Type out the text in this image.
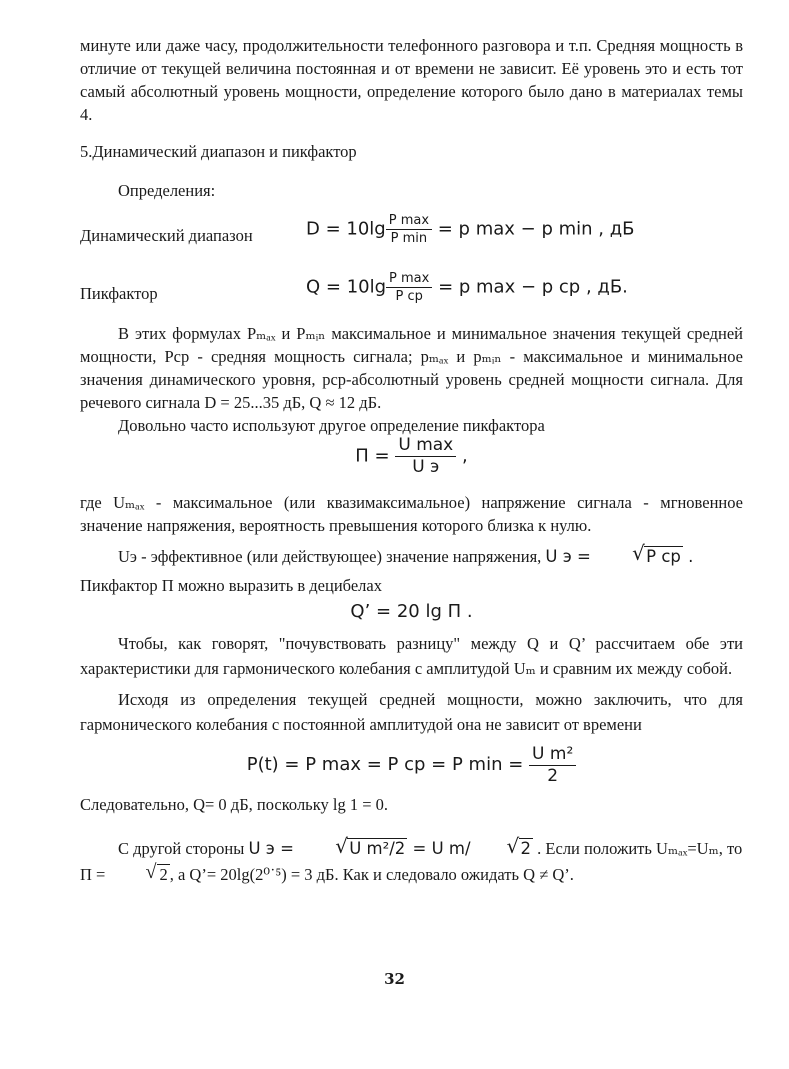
минуте или даже часу, продолжительности телефонного разговора и т.п. Средняя мощность в отличие от текущей величина постоянная и от времени не зависит. Её уровень это и есть тот самый абсолютный уровень мощности, определение которого было дано в материалах темы 4.

5.Динамический диапазон и пикфактор

Определения:

Динамический диапазон	$D = 10\lg \frac{\text{P max}}{\text{P min}} = p$ max − p min , дБ
Пикфактор	$Q = 10\lg \frac{\text{P max}}{\text{P ср}} = p$ max − p ср , дБ.

В этих формулах Pₘₐₓ и Pₘᵢₙ максимальное и минимальное значения текущей средней мощности, Pср - средняя мощность сигнала; pₘₐₓ и pₘᵢₙ - максимальное и минимальное значения динамического уровня, pср-абсолютный уровень средней мощности сигнала. Для речевого сигнала D = 25...35 дБ, Q ≈ 12 дБ.

Довольно часто используют другое определение пикфактора

$П = \frac{\text{U max}}{\text{U э}}$ ,

где Uₘₐₓ - максимальное (или квазимаксимальное) напряжение сигнала - мгновенное значение напряжения, вероятность превышения которого близка к нулю.

Uэ - эффективное (или действующее) значение напряжения, U э =	√ P ср .

Пикфактор П можно выразить в децибелах

Q’ = 20 lg П .

Чтобы, как говорят, "почувствовать разницу" между Q и Q’ рассчитаем обе эти характеристики для гармонического колебания с амплитудой Uₘ и сравним их между собой.

Исходя из определения текущей средней мощности, можно заключить, что для гармонического колебания с постоянной амплитудой она не зависит от времени

P(t) = P max = P ср = P $\min = \frac{\text{U m²}}{2}$

Следовательно, Q= 0 дБ, поскольку lg 1 = 0.

С другой стороны U э =	√ U m²/2 = U m/	√ 2 . Если положить Uₘₐₓ=Uₘ, то
П =	√ 2 , а Q’= 20lg(2⁰˙⁵) = 3 дБ. Как и следовало ожидать Q ≠ Q’.

32
